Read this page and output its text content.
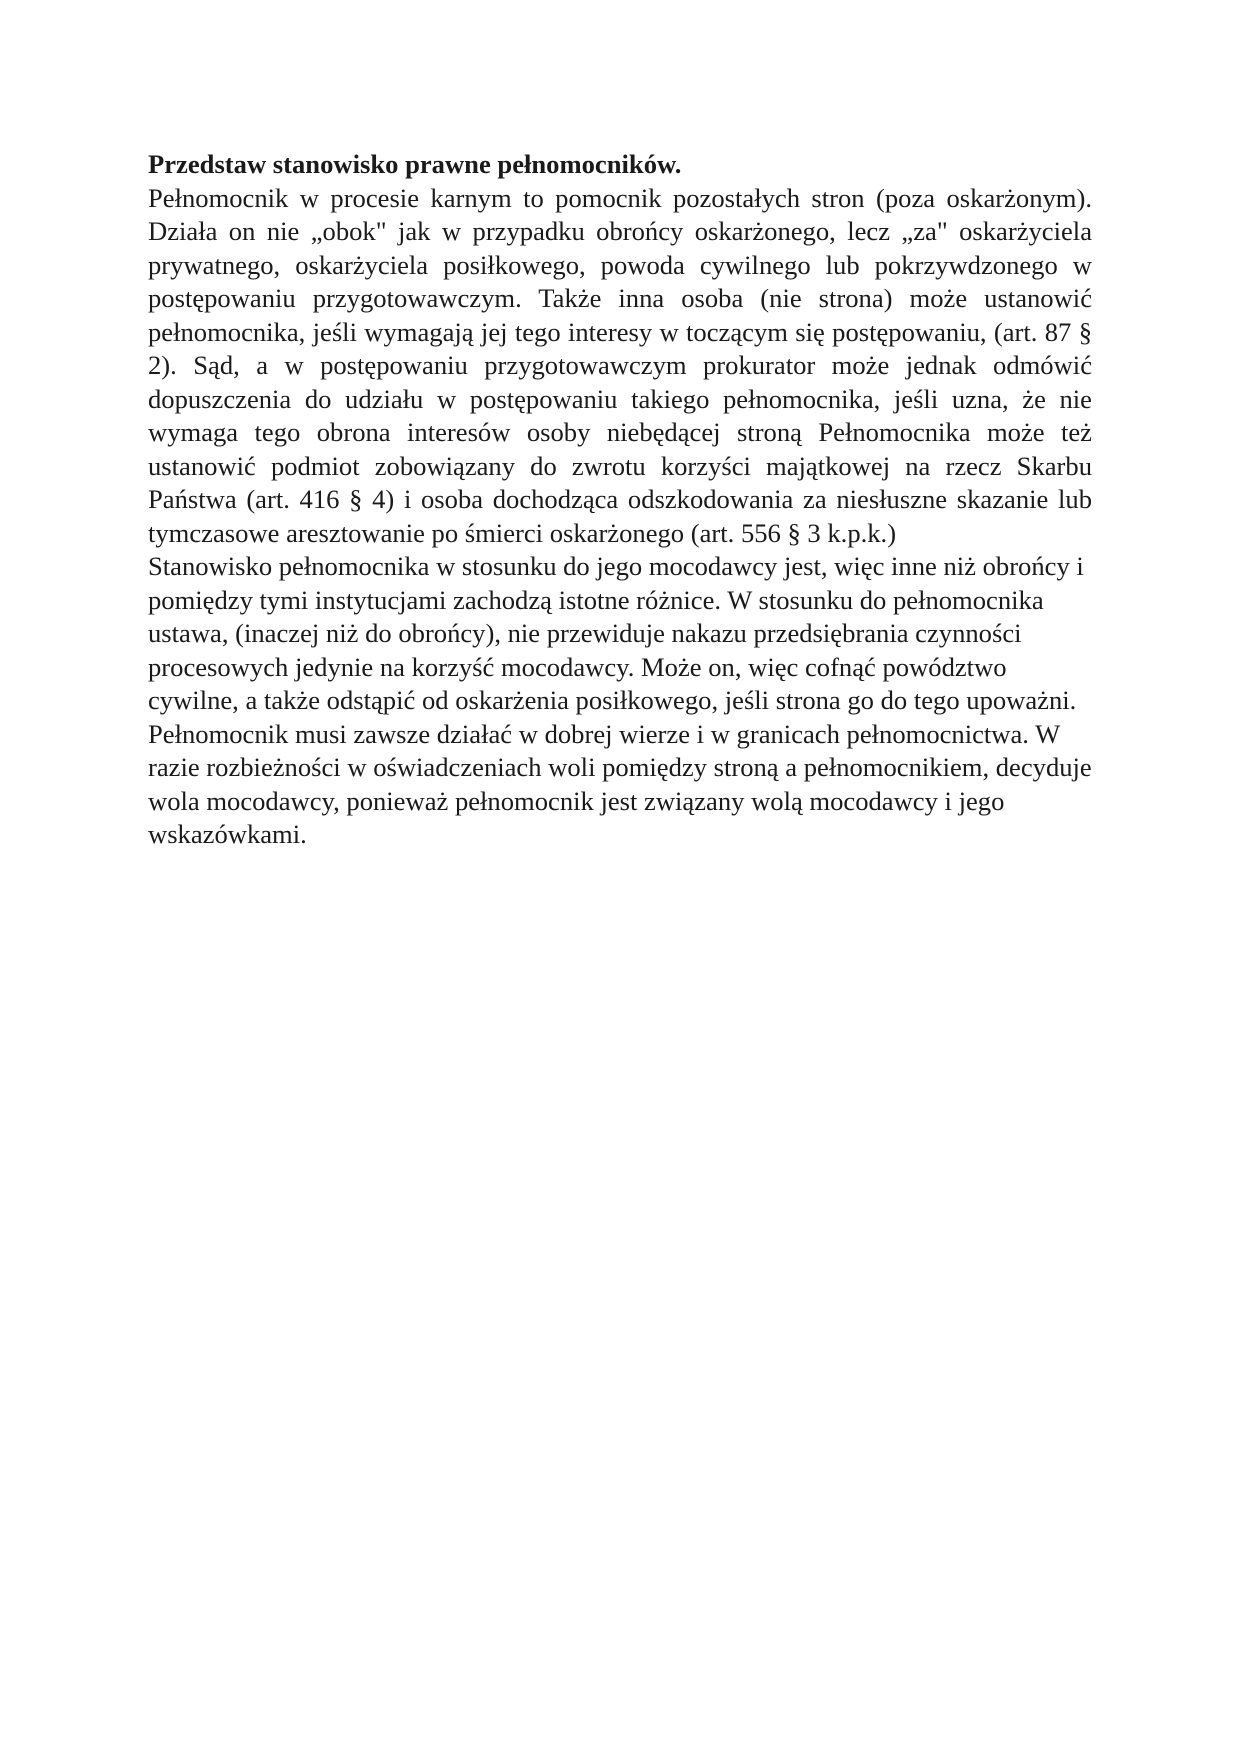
Przedstaw stanowisko prawne pełnomocników.

Pełnomocnik w procesie karnym to pomocnik pozostałych stron (poza oskarżonym). Działa on nie „obok" jak w przypadku obrońcy oskarżonego, lecz „za" oskarżyciela prywatnego, oskarżyciela posiłkowego, powoda cywilnego lub pokrzywdzonego w postępowaniu przygotowawczym. Także inna osoba (nie strona) może ustanowić pełnomocnika, jeśli wymagają jej tego interesy w toczącym się postępowaniu, (art. 87 § 2). Sąd, a w postępowaniu przygotowawczym prokurator może jednak odmówić dopuszczenia do udziału w postępowaniu takiego pełnomocnika, jeśli uzna, że nie wymaga tego obrona interesów osoby niebędącej stroną Pełnomocnika może też ustanowić podmiot zobowiązany do zwrotu korzyści majątkowej na rzecz Skarbu Państwa (art. 416 § 4) i osoba dochodząca odszkodowania za niesłuszne skazanie lub tymczasowe aresztowanie po śmierci oskarżonego (art. 556 § 3 k.p.k.)

Stanowisko pełnomocnika w stosunku do jego mocodawcy jest, więc inne niż obrońcy i pomiędzy tymi instytucjami zachodzą istotne różnice. W stosunku do pełnomocnika ustawa, (inaczej niż do obrońcy), nie przewiduje nakazu przedsiębrania czynności procesowych jedynie na korzyść mocodawcy. Może on, więc cofnąć powództwo cywilne, a także odstąpić od oskarżenia posiłkowego, jeśli strona go do tego upoważni. Pełnomocnik musi zawsze działać w dobrej wierze i w granicach pełnomocnictwa. W razie rozbieżności w oświadczeniach woli pomiędzy stroną a pełnomocnikiem, decyduje wola mocodawcy, ponieważ pełnomocnik jest związany wolą mocodawcy i jego wskazówkami.
